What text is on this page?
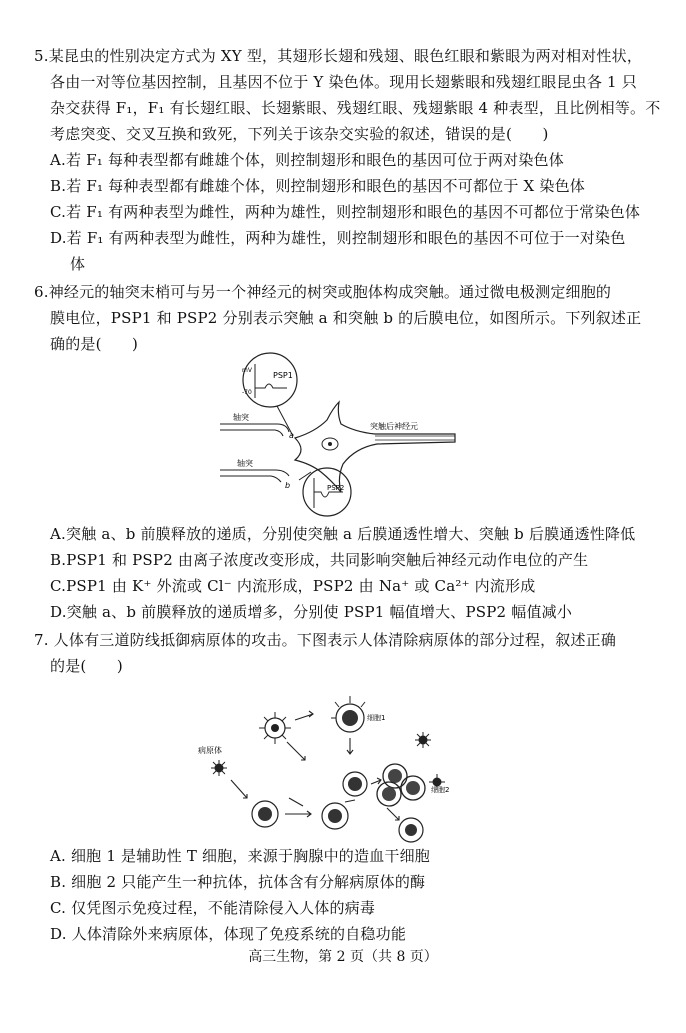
5.某昆虫的性别决定方式为 XY 型，其翅形长翅和残翅、眼色红眼和紫眼为两对相对性状，
各由一对等位基因控制，且基因不位于 Y 染色体。现用长翅紫眼和残翅红眼昆虫各 1 只
杂交获得 F₁，F₁ 有长翅红眼、长翅紫眼、残翅红眼、残翅紫眼 4 种表型，且比例相等。不
考虑突变、交叉互换和致死，下列关于该杂交实验的叙述，错误的是(　　)
A.若 F₁ 每种表型都有雌雄个体，则控制翅形和眼色的基因可位于两对染色体
B.若 F₁ 每种表型都有雌雄个体，则控制翅形和眼色的基因不可都位于 X 染色体
C.若 F₁ 有两种表型为雌性，两种为雄性，则控制翅形和眼色的基因不可都位于常染色体
D.若 F₁ 有两种表型为雌性，两种为雄性，则控制翅形和眼色的基因不可位于一对染色
体
6.神经元的轴突末梢可与另一个神经元的树突或胞体构成突触。通过微电极测定细胞的
膜电位，PSP1 和 PSP2 分别表示突触 a 和突触 b 的后膜电位，如图所示。下列叙述正
确的是(　　)
PSP1
mV
-70
轴突
a
突触后神经元
轴突
b	PSP2
A.突触 a、b 前膜释放的递质，分别使突触 a 后膜通透性增大、突触 b 后膜通透性降低
B.PSP1 和 PSP2 由离子浓度改变形成，共同影响突触后神经元动作电位的产生
C.PSP1 由 K⁺ 外流或 Cl⁻ 内流形成，PSP2 由 Na⁺ 或 Ca²⁺ 内流形成
D.突触 a、b 前膜释放的递质增多，分别使 PSP1 幅值增大、PSP2 幅值减小
7. 人体有三道防线抵御病原体的攻击。下图表示人体清除病原体的部分过程，叙述正确
的是(　　)
病原体
细胞1
细胞2
A. 细胞 1 是辅助性 T 细胞，来源于胸腺中的造血干细胞
B. 细胞 2 只能产生一种抗体，抗体含有分解病原体的酶
C. 仅凭图示免疫过程，不能清除侵入人体的病毒
D. 人体清除外来病原体，体现了免疫系统的自稳功能
高三生物，第 2 页（共 8 页）
